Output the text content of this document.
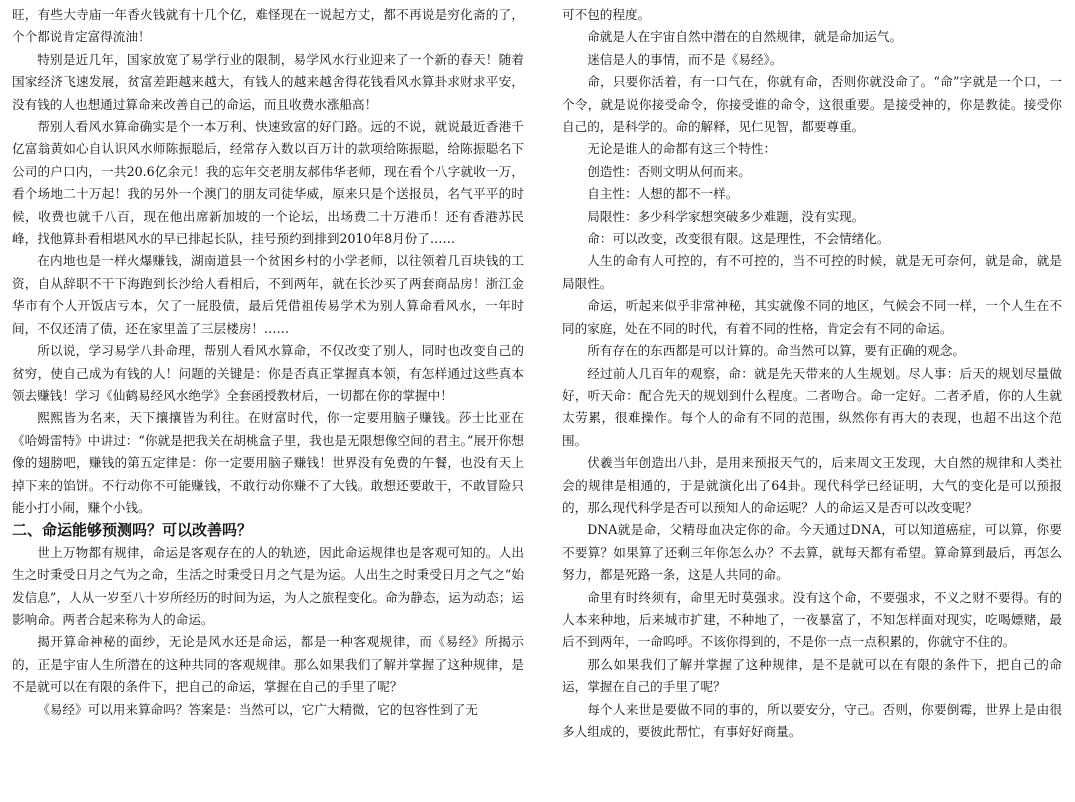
旺，有些大寺庙一年香火钱就有十几个亿，难怪现在一说起方丈，都不再说是穷化斋的了，个个都说肯定富得流油！

特别是近几年，国家放宽了易学行业的限制，易学风水行业迎来了一个新的春天！随着国家经济飞速发展，贫富差距越来越大，有钱人的越来越舍得花钱看风水算卦求财求平安，没有钱的人也想通过算命来改善自己的命运，而且收费水涨船高！

帮别人看风水算命确实是个一本万利、快速致富的好门路。远的不说，就说最近香港千亿富翁黄如心自认识风水师陈振聪后，经常存入数以百万计的款项给陈振聪，给陈振聪名下公司的户口内，一共20.6亿余元！我的忘年交老朋友郝伟华老师，现在看个八字就收一万，看个场地二十万起！我的另外一个澳门的朋友司徒华威，原来只是个送报员，名气平平的时候，收费也就千八百，现在他出席新加坡的一个论坛，出场费二十万港币！还有香港苏民峰，找他算卦看相堪风水的早已排起长队，挂号预约到排到2010年8月份了……

在内地也是一样火爆赚钱，湖南道县一个贫困乡村的小学老师，以往领着几百块钱的工资，自从辞职不干下海跑到长沙给人看相后，不到两年，就在长沙买了两套商品房！浙江金华市有个人开饭店亏本，欠了一屁股债，最后凭借祖传易学术为别人算命看风水，一年时间，不仅还清了债，还在家里盖了三层楼房！……

所以说，学习易学八卦命理，帮别人看风水算命，不仅改变了别人，同时也改变自己的贫穷，使自己成为有钱的人！问题的关键是：你是否真正掌握真本领，有怎样通过这些真本领去赚钱！学习《仙鹤易经风水绝学》全套函授教材后，一切都在你的掌握中！

熙熙皆为名来，天下攘攘皆为利往。在财富时代，你一定要用脑子赚钱。莎士比亚在《哈姆雷特》中讲过：“你就是把我关在胡桃盒子里，我也是无限想像空间的君主。”展开你想像的翅膀吧，赚钱的第五定律是：你一定要用脑子赚钱！世界没有免费的午餐，也没有天上掉下来的馅饼。不行动你不可能赚钱，不敢行动你赚不了大钱。敢想还要敢干，不敢冒险只能小打小闹，赚个小钱。

二、命运能够预测吗？可以改善吗？

世上万物都有规律，命运是客观存在的人的轨迹，因此命运规律也是客观可知的。人出生之时秉受日月之气为之命，生活之时秉受日月之气是为运。人出生之时秉受日月之气之“始发信息”，人从一岁至八十岁所经历的时间为运，为人之旅程变化。命为静态，运为动态；运影响命。两者合起来称为人的命运。

揭开算命神秘的面纱，无论是风水还是命运，都是一种客观规律，而《易经》所揭示的，正是宇宙人生所潜在的这种共同的客观规律。那么如果我们了解并掌握了这种规律，是不是就可以在有限的条件下，把自己的命运，掌握在自己的手里了呢？

《易经》可以用来算命吗？答案是：当然可以，它广大精微，它的包容性到了无

可不包的程度。

命就是人在宇宙自然中潜在的自然规律，就是命加运气。

迷信是人的事情，而不是《易经》。

命，只要你活着，有一口气在，你就有命，否则你就没命了。“命”字就是一个口，一个令，就是说你接受命令，你接受谁的命令，这很重要。是接受神的，你是教徒。接受你自己的，是科学的。命的解释，见仁见智，都要尊重。

无论是谁人的命都有这三个特性：

创造性：否则文明从何而来。

自主性：人想的都不一样。

局限性：多少科学家想突破多少难题，没有实现。

命：可以改变，改变很有限。这是理性，不会情绪化。

人生的命有人可控的，有不可控的，当不可控的时候，就是无可奈何，就是命，就是局限性。

命运，听起来似乎非常神秘，其实就像不同的地区，气候会不同一样，一个人生在不同的家庭，处在不同的时代，有着不同的性格，肯定会有不同的命运。

所有存在的东西都是可以计算的。命当然可以算，要有正确的观念。

经过前人几百年的观察，命：就是先天带来的人生规划。尽人事：后天的规划尽量做好，听天命：配合先天的规划到什么程度。二者吻合。命一定好。二者矛盾，你的人生就太劳累，很难操作。每个人的命有不同的范围，纵然你有再大的表现，也超不出这个范围。

伏羲当年创造出八卦，是用来预报天气的，后来周文王发现，大自然的规律和人类社会的规律是相通的，于是就演化出了64卦。现代科学已经证明，大气的变化是可以预报的，那么现代科学是否可以预知人的命运呢？人的命运又是否可以改变呢？

DNA就是命，父精母血决定你的命。今天通过DNA，可以知道癌症，可以算，你要不要算？如果算了还剩三年你怎么办？不去算，就每天都有希望。算命算到最后，再怎么努力，都是死路一条，这是人共同的命。

命里有时终须有，命里无时莫强求。没有这个命，不要强求，不义之财不要得。有的人本来种地，后来城市扩建，不种地了，一夜暴富了，不知怎样面对现实，吃喝嫖赌，最后不到两年，一命呜呼。不该你得到的，不是你一点一点积累的，你就守不住的。

那么如果我们了解并掌握了这种规律，是不是就可以在有限的条件下，把自己的命运，掌握在自己的手里了呢？

每个人来世是要做不同的事的，所以要安分，守己。否则，你要倒霉，世界上是由很多人组成的，要彼此帮忙，有事好好商量。
